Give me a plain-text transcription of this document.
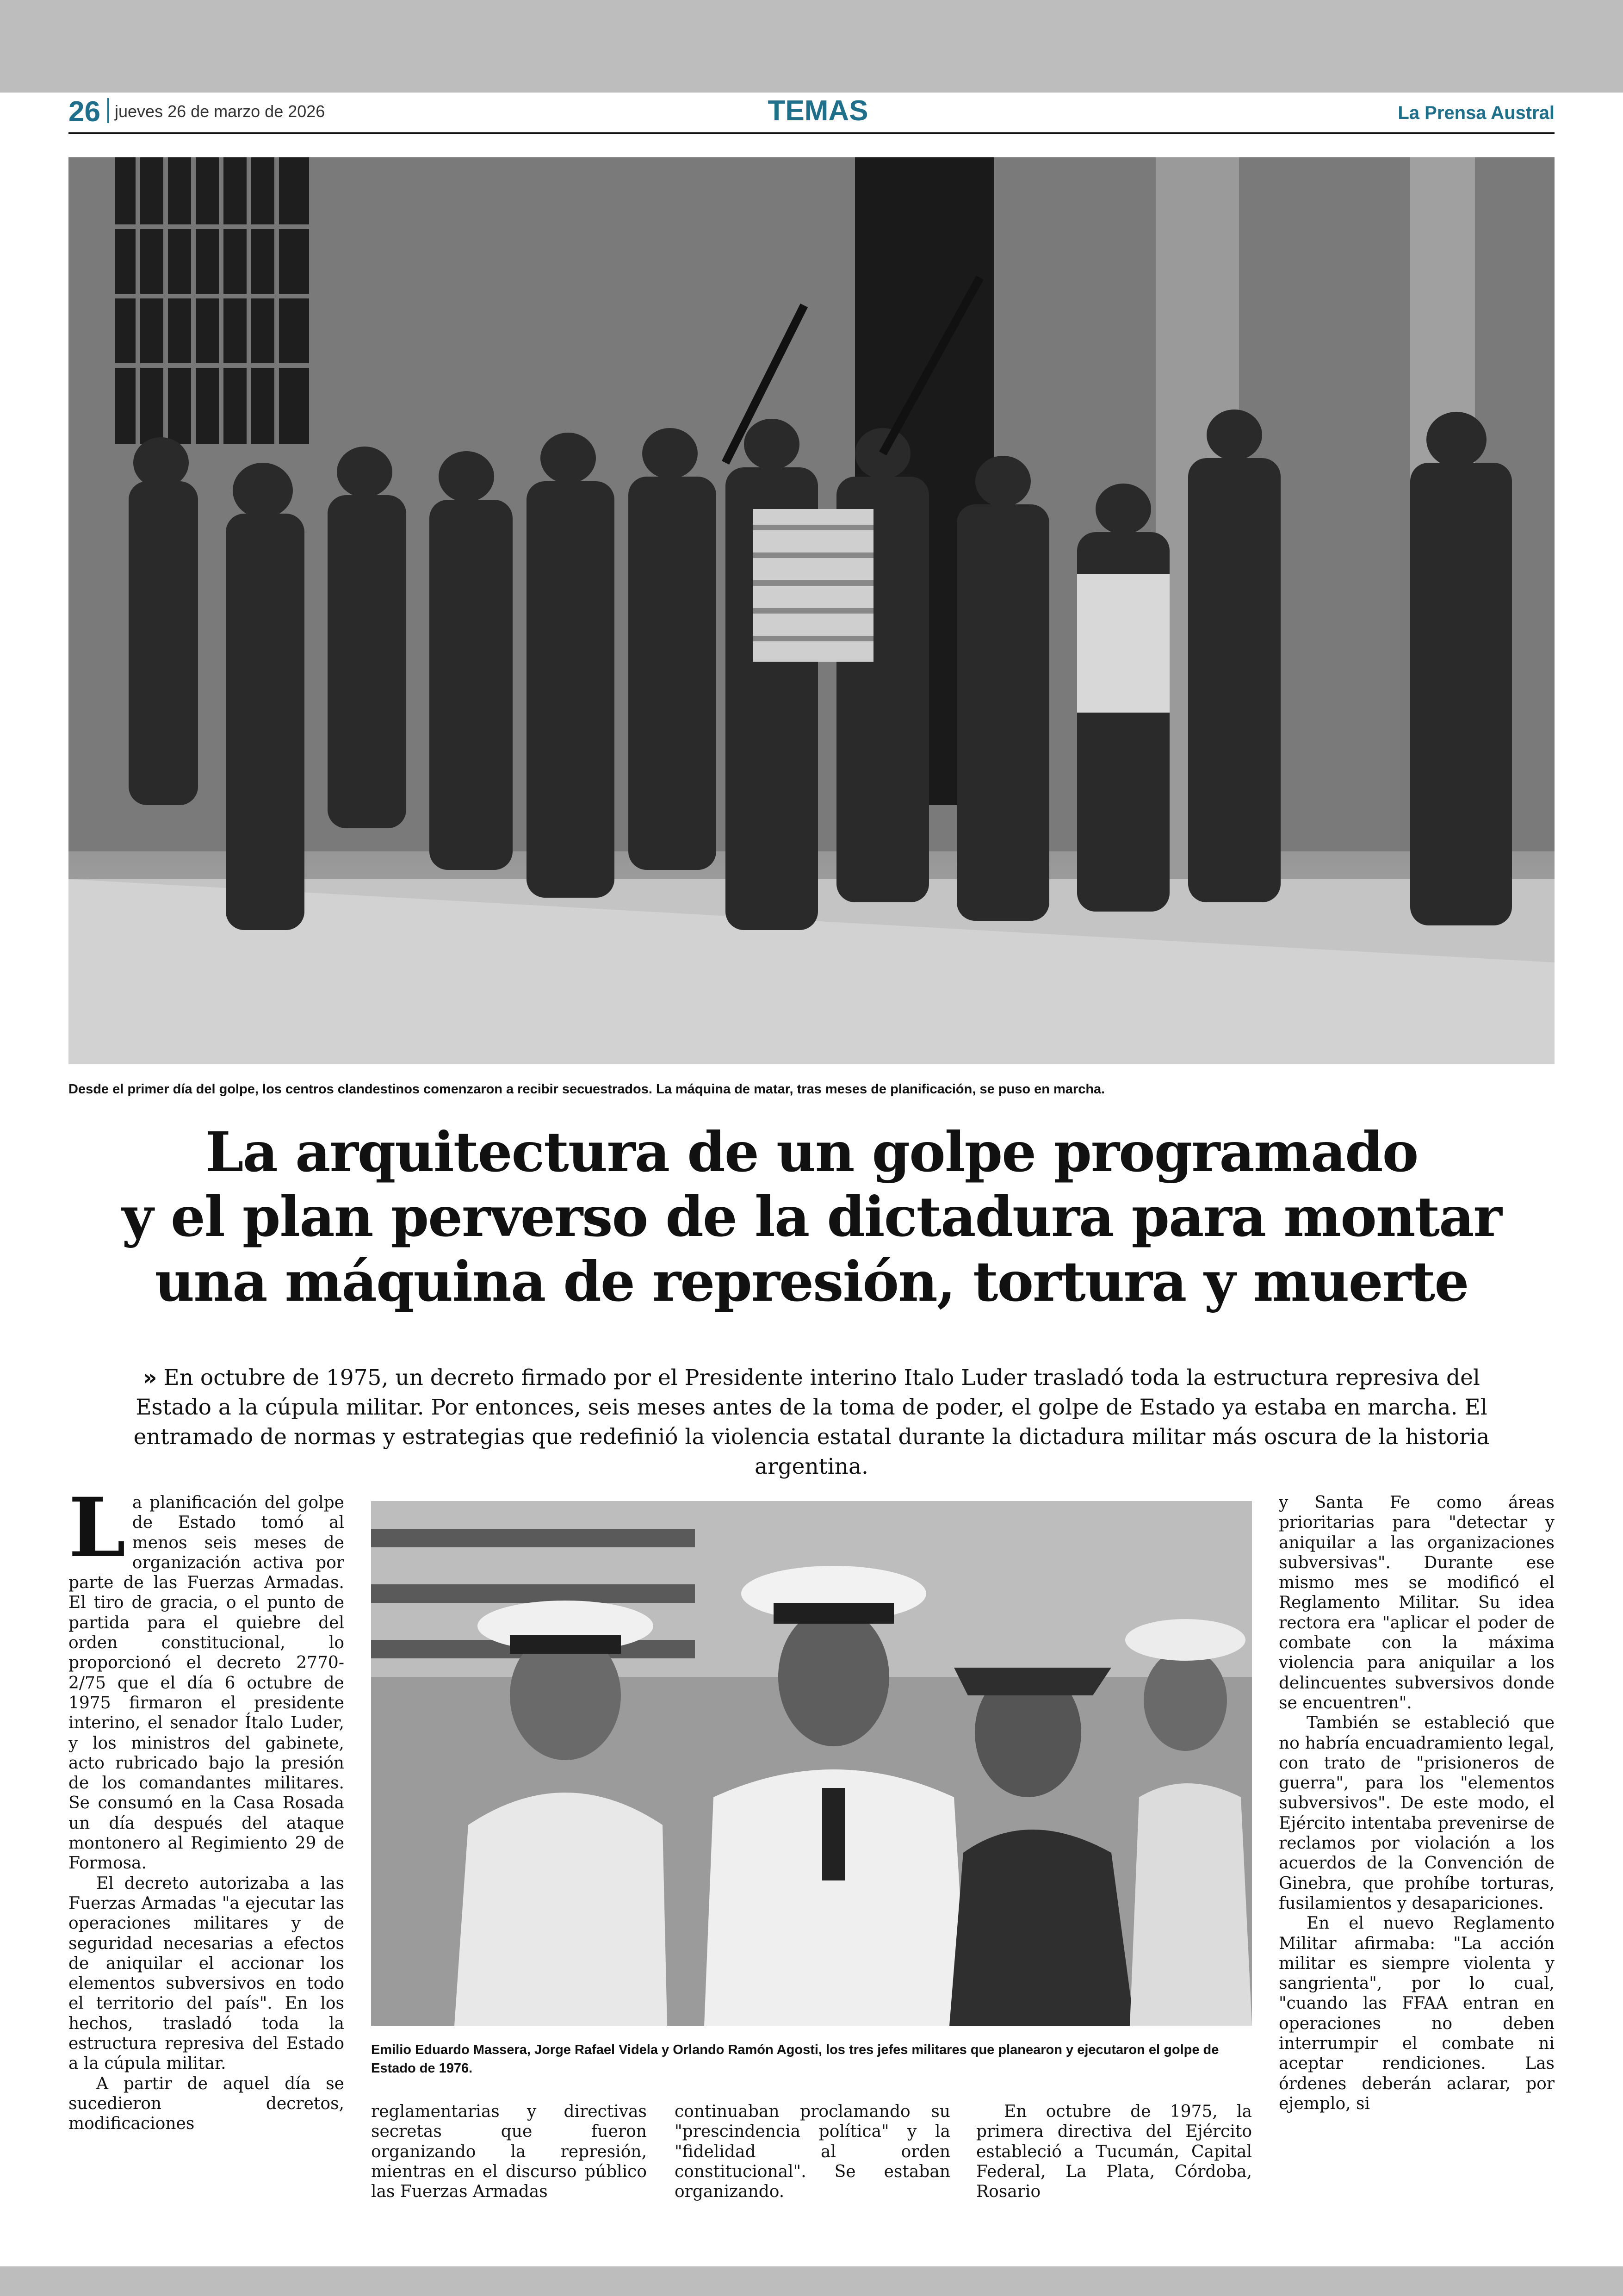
26 jueves 26 de marzo de 2026	TEMAS	La Prensa Austral
Desde el primer día del golpe, los centros clandestinos comenzaron a recibir secuestrados. La máquina de matar, tras meses de planificación, se puso en marcha.
La arquitectura de un golpe programado
y el plan perverso de la dictadura para montar
una máquina de represión, tortura y muerte
» En octubre de 1975, un decreto firmado por el Presidente interino Italo Luder trasladó toda la estructura represiva del Estado a la cúpula militar. Por entonces, seis meses antes de la toma de poder, el golpe de Estado ya estaba en marcha. El entramado de normas y estrategias que redefinió la violencia estatal durante la dictadura militar más oscura de la historia argentina.

La planificación del golpe de Estado tomó al menos seis meses de organización activa por parte de las Fuerzas Armadas. El tiro de gracia, o el punto de partida para el quiebre del orden constitucional, lo proporcionó el decreto 2770-2/75 que el día 6 octubre de 1975 firmaron el presidente interino, el senador Ítalo Luder, y los ministros del gabinete, acto rubricado bajo la presión de los comandantes militares. Se consumó en la Casa Rosada un día después del ataque montonero al Regimiento 29 de Formosa.

El decreto autorizaba a las Fuerzas Armadas "a ejecutar las operaciones militares y de seguridad necesarias a efectos de aniquilar el accionar los elementos subversivos en todo el territorio del país". En los hechos, trasladó toda la estructura represiva del Estado a la cúpula militar.

A partir de aquel día se sucedieron decretos, modificaciones

Emilio Eduardo Massera, Jorge Rafael Videla y Orlando Ramón Agosti, los tres jefes militares que planearon y ejecutaron el golpe de Estado de 1976.

reglamentarias y directivas secretas que fueron organizando la represión, mientras en el discurso público las Fuerzas Armadas

continuaban proclamando su "prescindencia política" y la "fidelidad al orden constitucional". Se estaban organizando.

En octubre de 1975, la primera directiva del Ejército estableció a Tucumán, Capital Federal, La Plata, Córdoba, Rosario

y Santa Fe como áreas prioritarias para "detectar y aniquilar a las organizaciones subversivas". Durante ese mismo mes se modificó el Reglamento Militar. Su idea rectora era "aplicar el poder de combate con la máxima violencia para aniquilar a los delincuentes subversivos donde se encuentren".

También se estableció que no habría encuadramiento legal, con trato de "prisioneros de guerra", para los "elementos subversivos". De este modo, el Ejército intentaba prevenirse de reclamos por violación a los acuerdos de la Convención de Ginebra, que prohíbe torturas, fusilamientos y desapariciones.

En el nuevo Reglamento Militar afirmaba: "La acción militar es siempre violenta y sangrienta", por lo cual, "cuando las FFAA entran en operaciones no deben interrumpir el combate ni aceptar rendiciones. Las órdenes deberán aclarar, por ejemplo, si
